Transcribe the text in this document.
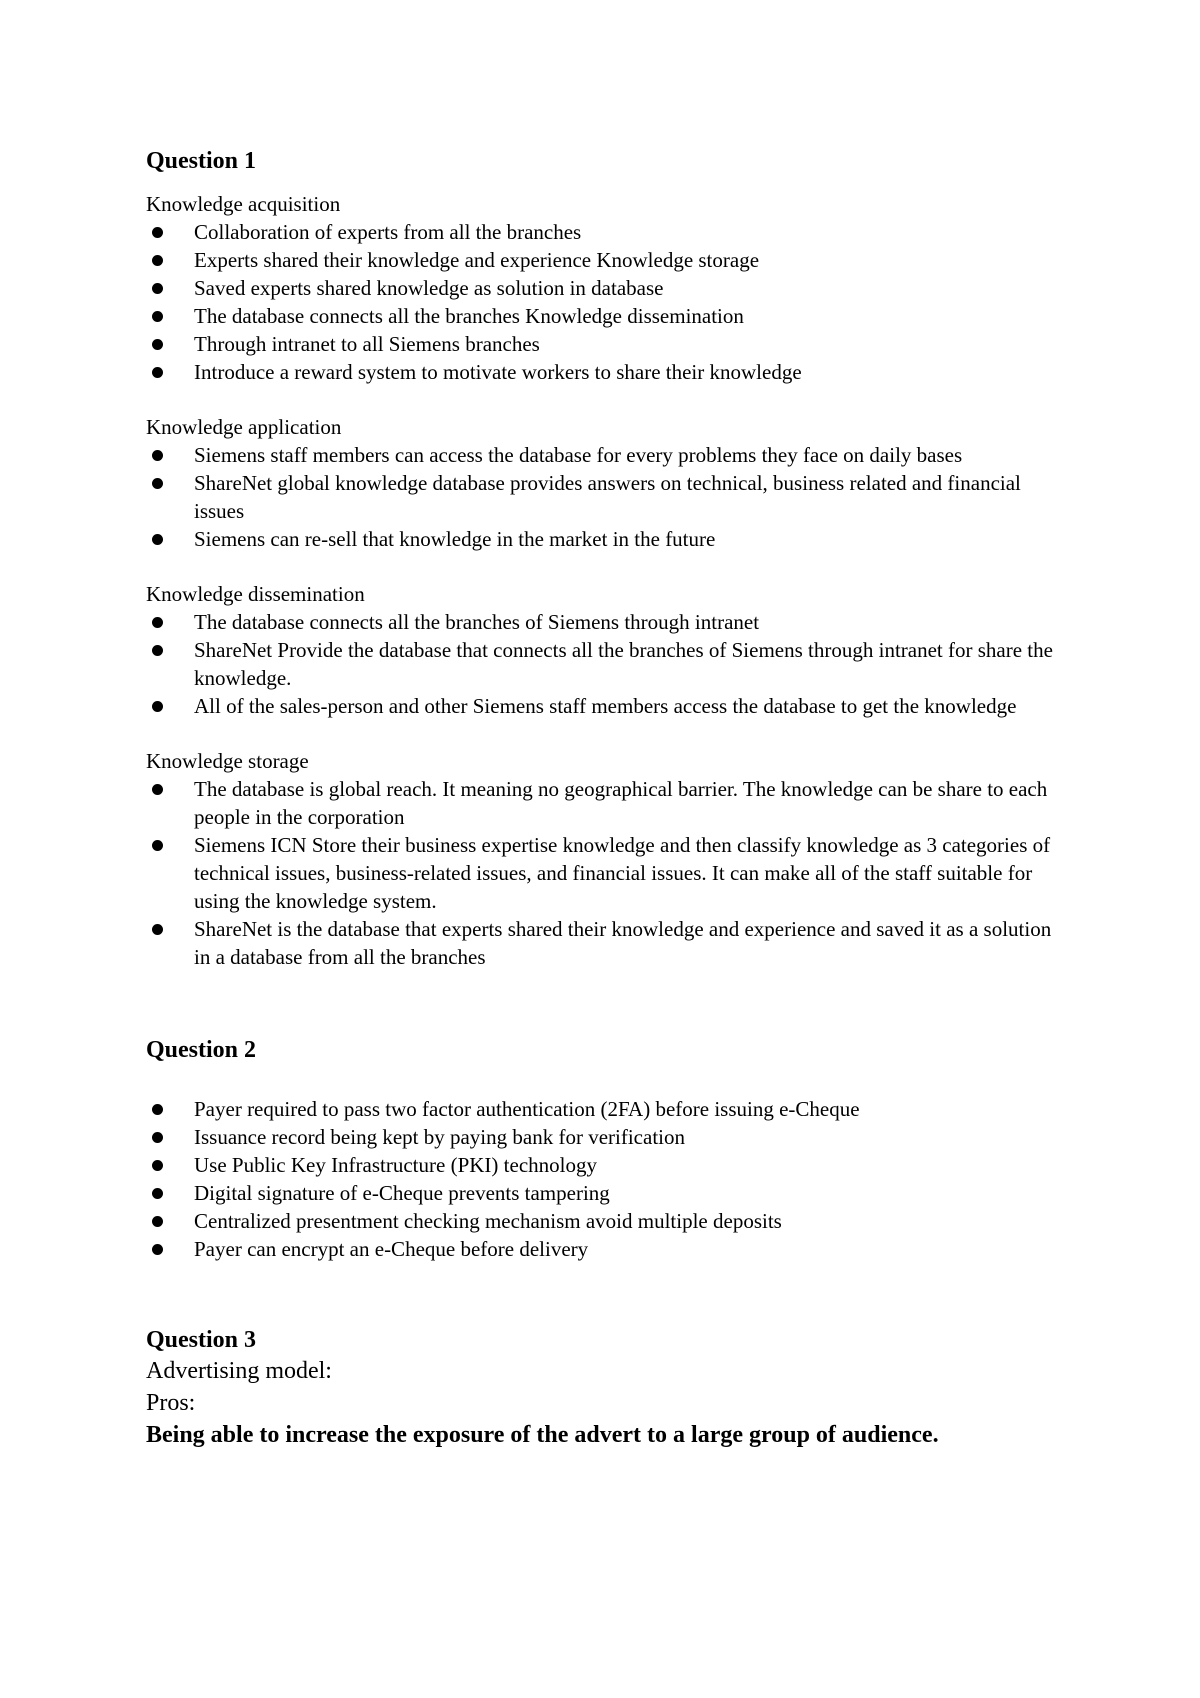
Question 1

Knowledge acquisition

Collaboration of experts from all the branches
Experts shared their knowledge and experience Knowledge storage
Saved experts shared knowledge as solution in database
The database connects all the branches Knowledge dissemination
Through intranet to all Siemens branches
Introduce a reward system to motivate workers to share their knowledge

Knowledge application

Siemens staff members can access the database for every problems they face on daily bases
ShareNet global knowledge database provides answers on technical, business related and financial issues
Siemens can re-sell that knowledge in the market in the future

Knowledge dissemination

The database connects all the branches of Siemens through intranet
ShareNet Provide the database that connects all the branches of Siemens through intranet for share the knowledge.
All of the sales-person and other Siemens staff members access the database to get the knowledge

Knowledge storage

The database is global reach. It meaning no geographical barrier. The knowledge can be share to each people in the corporation
Siemens ICN Store their business expertise knowledge and then classify knowledge as 3 categories of technical issues, business-related issues, and financial issues. It can make all of the staff suitable for using the knowledge system.
ShareNet is the database that experts shared their knowledge and experience and saved it as a solution in a database from all the branches

Question 2

Payer required to pass two factor authentication (2FA) before issuing e-Cheque
Issuance record being kept by paying bank for verification
Use Public Key Infrastructure (PKI) technology
Digital signature of e-Cheque prevents tampering
Centralized presentment checking mechanism avoid multiple deposits
Payer can encrypt an e-Cheque before delivery

Question 3

Advertising model:

Pros:

Being able to increase the exposure of the advert to a large group of audience.
